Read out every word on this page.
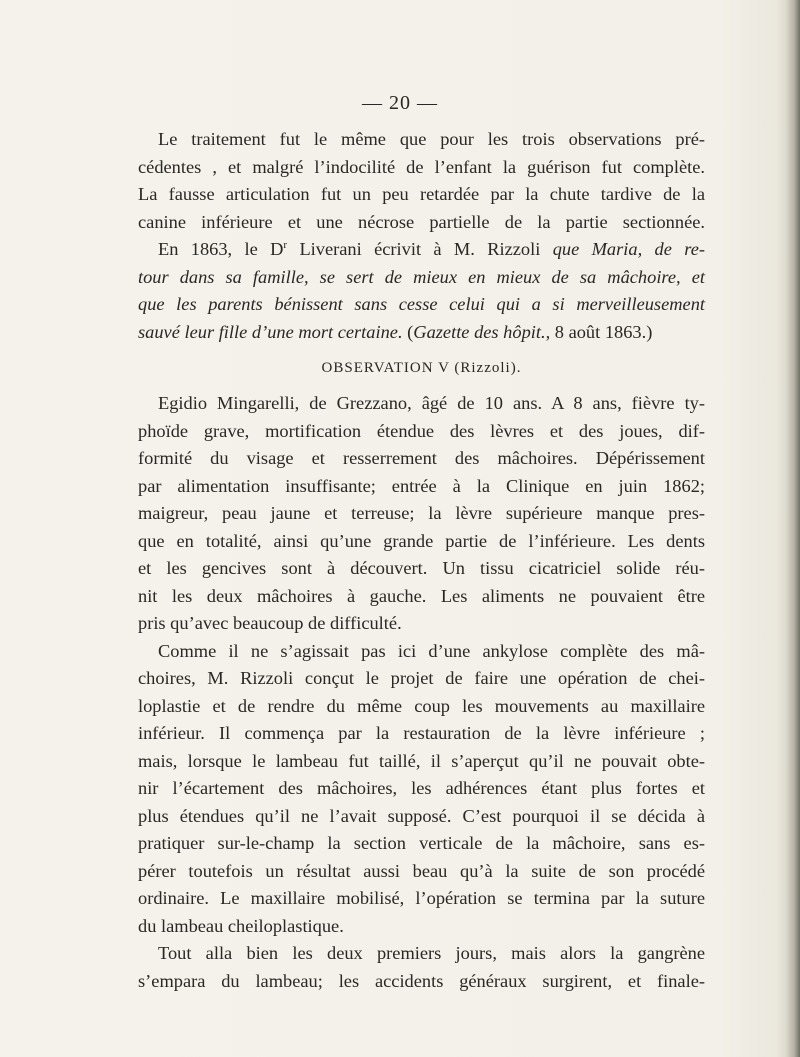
— 20 —
Le traitement fut le même que pour les trois observations pré-
cédentes , et malgré l’indocilité de l’enfant la guérison fut complète.
La fausse articulation fut un peu retardée par la chute tardive de la
canine inférieure et une nécrose partielle de la partie sectionnée.
En 1863, le $D^r$ Liverani écrivit à M. Rizzoli que Maria, de re-
tour dans sa famille, se sert de mieux en mieux de sa mâchoire, et
que les parents bénissent sans cesse celui qui a si merveilleusement
sauvé leur fille d’une mort certaine. (Gazette des hôpit., 8 août 1863.)
OBSERVATION V (Rizzoli).
Egidio Mingarelli, de Grezzano, âgé de 10 ans. A 8 ans, fièvre ty-
phoïde grave, mortification étendue des lèvres et des joues, dif-
formité du visage et resserrement des mâchoires. Dépérissement
par alimentation insuffisante; entrée à la Clinique en juin 1862;
maigreur, peau jaune et terreuse; la lèvre supérieure manque pres-
que en totalité, ainsi qu’une grande partie de l’inférieure. Les dents
et les gencives sont à découvert. Un tissu cicatriciel solide réu-
nit les deux mâchoires à gauche. Les aliments ne pouvaient être
pris qu’avec beaucoup de difficulté.
Comme il ne s’agissait pas ici d’une ankylose complète des mâ-
choires, M. Rizzoli conçut le projet de faire une opération de chei-
loplastie et de rendre du même coup les mouvements au maxillaire
inférieur. Il commença par la restauration de la lèvre inférieure ;
mais, lorsque le lambeau fut taillé, il s’aperçut qu’il ne pouvait obte-
nir l’écartement des mâchoires, les adhérences étant plus fortes et
plus étendues qu’il ne l’avait supposé. C’est pourquoi il se décida à
pratiquer sur-le-champ la section verticale de la mâchoire, sans es-
pérer toutefois un résultat aussi beau qu’à la suite de son procédé
ordinaire. Le maxillaire mobilisé, l’opération se termina par la suture
du lambeau cheiloplastique.
Tout alla bien les deux premiers jours, mais alors la gangrène
s’empara du lambeau; les accidents généraux surgirent, et finale-
